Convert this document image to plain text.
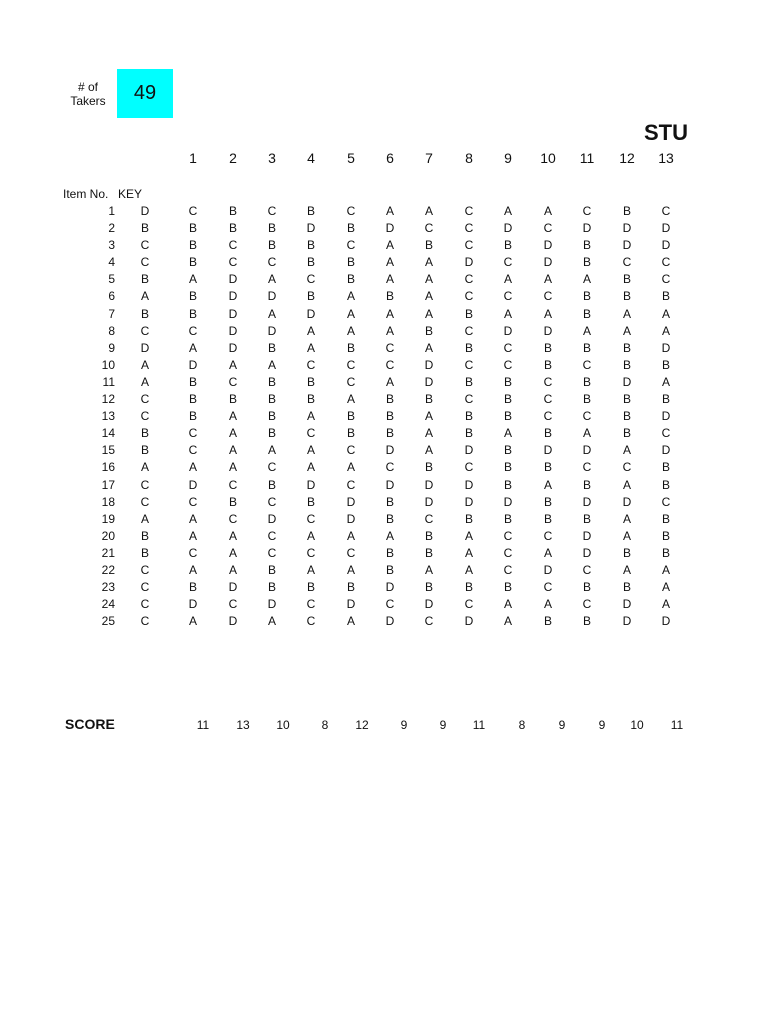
# of
Takers	49
STU
1	2	3	4	5	6	7	8	9	10	11	12	13
Item No. KEY
1	D	C	B	C	B	C	A	A	C	A	A	C	B	C
2	B	B	B	B	D	B	D	C	C	D	C	D	D	D
3	C	B	C	B	B	C	A	B	C	B	D	B	D	D
4	C	B	C	C	B	B	A	A	D	C	D	B	C	C
5	B	A	D	A	C	B	A	A	C	A	A	A	B	C
6	A	B	D	D	B	A	B	A	C	C	C	B	B	B
7	B	B	D	A	D	A	A	A	B	A	A	B	A	A
8	C	C	D	D	A	A	A	B	C	D	D	A	A	A
9	D	A	D	B	A	B	C	A	B	C	B	B	B	D
10	A	D	A	A	C	C	C	D	C	C	B	C	B	B
11	A	B	C	B	B	C	A	D	B	B	C	B	D	A
12	C	B	B	B	B	A	B	B	C	B	C	B	B	B
13	C	B	A	B	A	B	B	A	B	B	C	C	B	D
14	B	C	A	B	C	B	B	A	B	A	B	A	B	C
15	B	C	A	A	A	C	D	A	D	B	D	D	A	D
16	A	A	A	C	A	A	C	B	C	B	B	C	C	B
17	C	D	C	B	D	C	D	D	D	B	A	B	A	B
18	C	C	B	C	B	D	B	D	D	D	B	D	D	C
19	A	A	C	D	C	D	B	C	B	B	B	B	A	B
20	B	A	A	C	A	A	A	B	A	C	C	D	A	B
21	B	C	A	C	C	C	B	B	A	C	A	D	B	B
22	C	A	A	B	A	A	B	A	A	C	D	C	A	A
23	C	B	D	B	B	B	D	B	B	B	C	B	B	A
24	C	D	C	D	C	D	C	D	C	A	A	C	D	A
25	C	A	D	A	C	A	D	C	D	A	B	B	D	D
SCORE	11	13	10	8	12	9	9	11	8	9	9	10	11
